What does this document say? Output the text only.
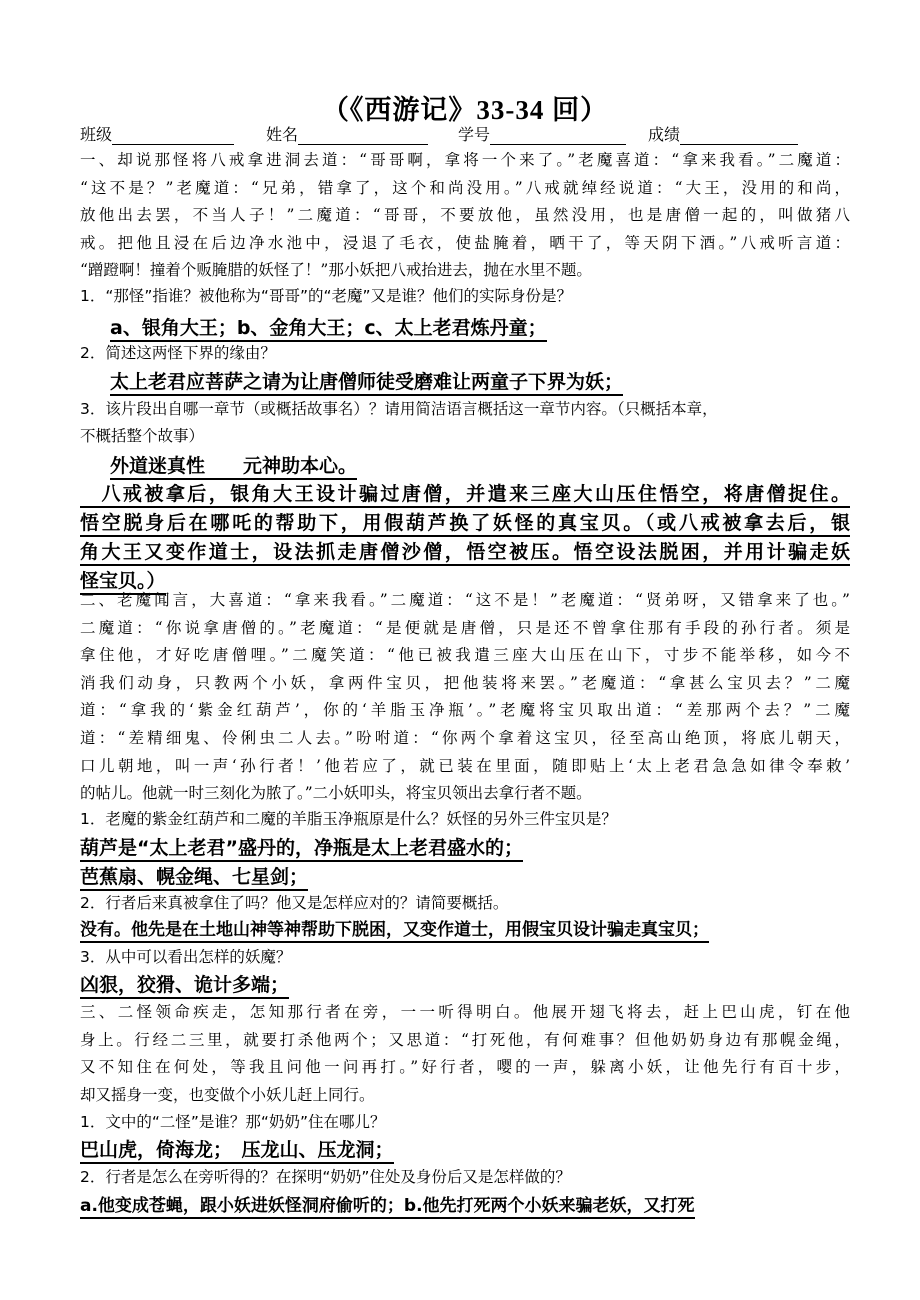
（《西游记》33-34 回）
班级	姓名	学号	成绩

一、却说那怪将八戒拿进洞去道：“哥哥啊，拿将一个来了。”老魔喜道：“拿来我看。”二魔道：

“这不是？”老魔道：“兄弟，错拿了，这个和尚没用。”八戒就绰经说道：“大王，没用的和尚，

放他出去罢，不当人子！”二魔道：“哥哥，不要放他，虽然没用，也是唐僧一起的，叫做猪八

戒。把他且浸在后边净水池中，浸退了毛衣，使盐腌着，晒干了，等天阴下酒。”八戒听言道：

“蹭蹬啊！撞着个贩腌腊的妖怪了！”那小妖把八戒抬进去，抛在水里不题。

1．“那怪”指谁？被他称为“哥哥”的“老魔”又是谁？他们的实际身份是？

a、银角大王；b、金角大王；c、太上老君炼丹童；

2．简述这两怪下界的缘由？

太上老君应菩萨之请为让唐僧师徒受磨难让两童子下界为妖；

3．该片段出自哪一章节（或概括故事名）？请用简洁语言概括这一章节内容。（只概括本章，

不概括整个故事）

外道迷真性　　元神助本心。

　八戒被拿后，银角大王设计骗过唐僧，并遣来三座大山压住悟空，将唐僧捉住。

悟空脱身后在哪吒的帮助下，用假葫芦换了妖怪的真宝贝。（或八戒被拿去后，银

角大王又变作道士，设法抓走唐僧沙僧，悟空被压。悟空设法脱困，并用计骗走妖

怪宝贝。）

二、老魔闻言，大喜道：“拿来我看。”二魔道：“这不是！”老魔道：“贤弟呀，又错拿来了也。”

二魔道：“你说拿唐僧的。”老魔道：“是便就是唐僧，只是还不曾拿住那有手段的孙行者。须是

拿住他，才好吃唐僧哩。”二魔笑道：“他已被我遣三座大山压在山下，寸步不能举移，如今不

消我们动身，只教两个小妖，拿两件宝贝，把他装将来罢。”老魔道：“拿甚么宝贝去？”二魔

道：“拿我的‘紫金红葫芦’，你的‘羊脂玉净瓶’。”老魔将宝贝取出道：“差那两个去？”二魔

道：“差精细鬼、伶俐虫二人去。”吩咐道：“你两个拿着这宝贝，径至高山绝顶，将底儿朝天，

口儿朝地，叫一声‘孙行者！’他若应了，就已装在里面，随即贴上‘太上老君急急如律令奉敕’

的帖儿。他就一时三刻化为脓了。”二小妖叩头，将宝贝领出去拿行者不题。

1．老魔的紫金红葫芦和二魔的羊脂玉净瓶原是什么？妖怪的另外三件宝贝是？

葫芦是“太上老君”盛丹的，净瓶是太上老君盛水的；

芭蕉扇、幌金绳、七星剑；

2．行者后来真被拿住了吗？他又是怎样应对的？请简要概括。

没有。他先是在土地山神等神帮助下脱困，又变作道士，用假宝贝设计骗走真宝贝；

3．从中可以看出怎样的妖魔？

凶狠，狡猾、诡计多端；

三、二怪领命疾走，怎知那行者在旁，一一听得明白。他展开翅飞将去，赶上巴山虎，钉在他

身上。行经二三里，就要打杀他两个；又思道：“打死他，有何难事？但他奶奶身边有那幌金绳，

又不知住在何处，等我且问他一问再打。”好行者，嘤的一声，躲离小妖，让他先行有百十步，

却又摇身一变，也变做个小妖儿赶上同行。

1．文中的“二怪”是谁？那“奶奶”住在哪儿？

巴山虎，倚海龙；　压龙山、压龙洞；

2．行者是怎么在旁听得的？在探明“奶奶”住处及身份后又是怎样做的？

a.他变成苍蝇，跟小妖进妖怪洞府偷听的；b.他先打死两个小妖来骗老妖，又打死
